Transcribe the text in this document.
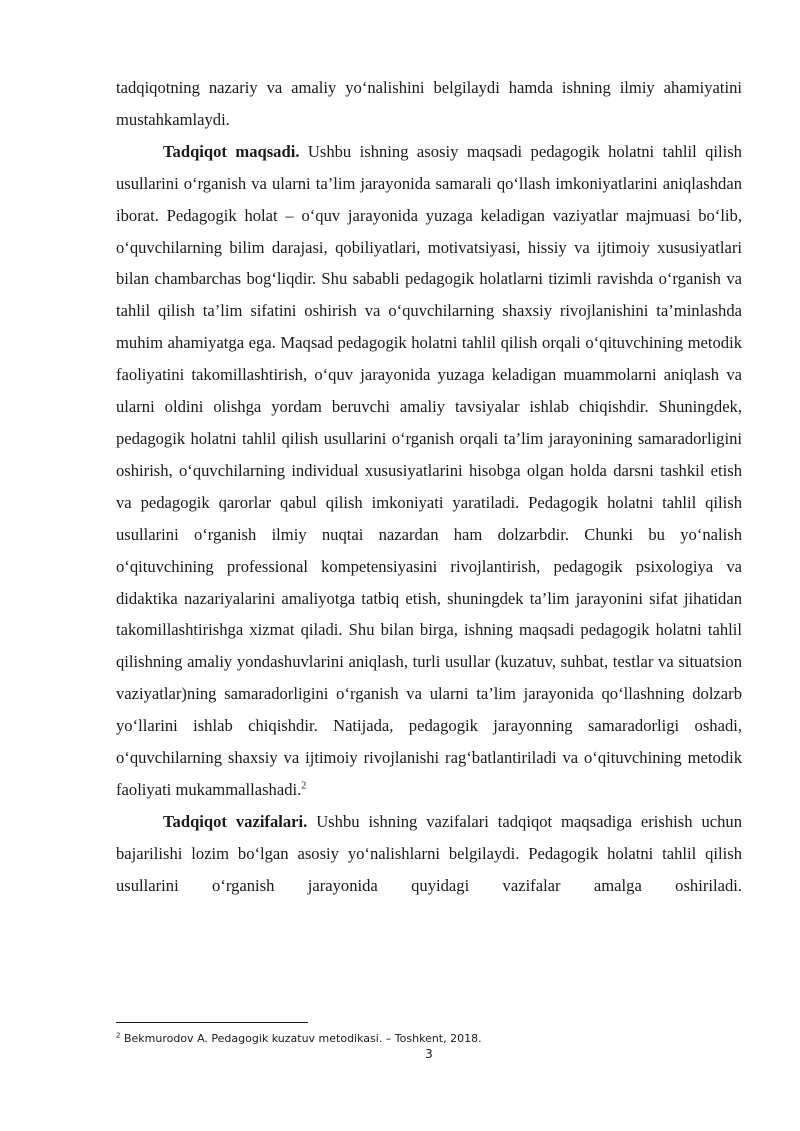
tadqiqotning nazariy va amaliy yo‘nalishini belgilaydi hamda ishning ilmiy ahamiyatini mustahkamlaydi.

Tadqiqot maqsadi. Ushbu ishning asosiy maqsadi pedagogik holatni tahlil qilish usullarini o‘rganish va ularni ta’lim jarayonida samarali qo‘llash imkoniyatlarini aniqlashdan iborat. Pedagogik holat – o‘quv jarayonida yuzaga keladigan vaziyatlar majmuasi bo‘lib, o‘quvchilarning bilim darajasi, qobiliyatlari, motivatsiyasi, hissiy va ijtimoiy xususiyatlari bilan chambarchas bog‘liqdir. Shu sababli pedagogik holatlarni tizimli ravishda o‘rganish va tahlil qilish ta’lim sifatini oshirish va o‘quvchilarning shaxsiy rivojlanishini ta’minlashda muhim ahamiyatga ega. Maqsad pedagogik holatni tahlil qilish orqali o‘qituvchining metodik faoliyatini takomillashtirish, o‘quv jarayonida yuzaga keladigan muammolarni aniqlash va ularni oldini olishga yordam beruvchi amaliy tavsiyalar ishlab chiqishdir. Shuningdek, pedagogik holatni tahlil qilish usullarini o‘rganish orqali ta’lim jarayonining samaradorligini oshirish, o‘quvchilarning individual xususiyatlarini hisobga olgan holda darsni tashkil etish va pedagogik qarorlar qabul qilish imkoniyati yaratiladi. Pedagogik holatni tahlil qilish usullarini o‘rganish ilmiy nuqtai nazardan ham dolzarbdir. Chunki bu yo‘nalish o‘qituvchining professional kompetensiyasini rivojlantirish, pedagogik psixologiya va didaktika nazariyalarini amaliyotga tatbiq etish, shuningdek ta’lim jarayonini sifat jihatidan takomillashtirishga xizmat qiladi. Shu bilan birga, ishning maqsadi pedagogik holatni tahlil qilishning amaliy yondashuvlarini aniqlash, turli usullar (kuzatuv, suhbat, testlar va situatsion vaziyatlar)ning samaradorligini o‘rganish va ularni ta’lim jarayonida qo‘llashning dolzarb yo‘llarini ishlab chiqishdir. Natijada, pedagogik jarayonning samaradorligi oshadi, o‘quvchilarning shaxsiy va ijtimoiy rivojlanishi rag‘batlantiriladi va o‘qituvchining metodik faoliyati mukammallashadi.$^2$

Tadqiqot vazifalari. Ushbu ishning vazifalari tadqiqot maqsadiga erishish uchun bajarilishi lozim bo‘lgan asosiy yo‘nalishlarni belgilaydi. Pedagogik holatni tahlil qilish usullarini o‘rganish jarayonida quyidagi vazifalar amalga oshiriladi.

$^2$ Bekmurodov A. Pedagogik kuzatuv metodikasi. – Toshkent, 2018.

3
